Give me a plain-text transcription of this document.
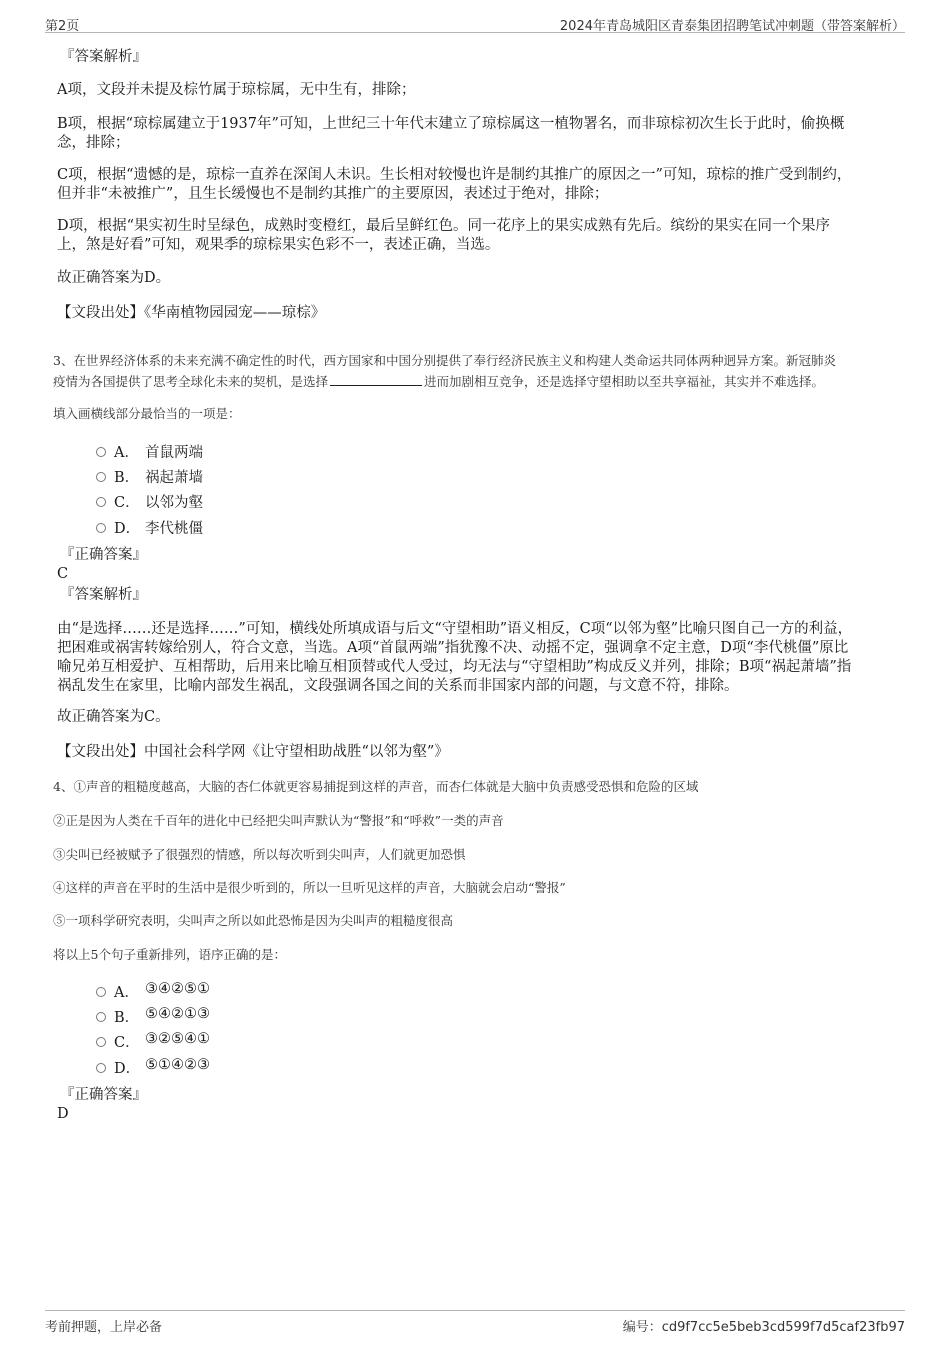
第2页	2024年青岛城阳区青泰集团招聘笔试冲刺题（带答案解析）
『答案解析』
A项，文段并未提及棕竹属于琼棕属，无中生有，排除；
B项，根据“琼棕属建立于1937年”可知，上世纪三十年代末建立了琼棕属这一植物署名，而非琼棕初次生长于此时，偷换概
念，排除；
C项，根据“遗憾的是，琼棕一直养在深闺人未识。生长相对较慢也许是制约其推广的原因之一”可知，琼棕的推广受到制约，
但并非“未被推广”，且生长缓慢也不是制约其推广的主要原因，表述过于绝对，排除；
D项，根据“果实初生时呈绿色，成熟时变橙红，最后呈鲜红色。同一花序上的果实成熟有先后。缤纷的果实在同一个果序
上，煞是好看”可知，观果季的琼棕果实色彩不一，表述正确，当选。
故正确答案为D。
【文段出处】《华南植物园园宠——琼棕》
3、在世界经济体系的未来充满不确定性的时代，西方国家和中国分别提供了奉行经济民族主义和构建人类命运共同体两种迥异方案。新冠肺炎
疫情为各国提供了思考全球化未来的契机，是选择	进而加剧相互竞争，还是选择守望相助以至共享福祉，其实并不难选择。
填入画横线部分最恰当的一项是：
A． 首鼠两端
B． 祸起萧墙
C． 以邻为壑
D． 李代桃僵
『正确答案』
C
『答案解析』
由“是选择……还是选择……”可知，横线处所填成语与后文“守望相助”语义相反，C项“以邻为壑”比喻只图自己一方的利益，
把困难或祸害转嫁给别人，符合文意，当选。A项“首鼠两端”指犹豫不决、动摇不定，强调拿不定主意，D项“李代桃僵”原比
喻兄弟互相爱护、互相帮助，后用来比喻互相顶替或代人受过，均无法与“守望相助”构成反义并列，排除；B项“祸起萧墙”指
祸乱发生在家里，比喻内部发生祸乱，文段强调各国之间的关系而非国家内部的问题，与文意不符，排除。
故正确答案为C。
【文段出处】中国社会科学网《让守望相助战胜“以邻为壑”》
4、①声音的粗糙度越高，大脑的杏仁体就更容易捕捉到这样的声音，而杏仁体就是大脑中负责感受恐惧和危险的区域
②正是因为人类在千百年的进化中已经把尖叫声默认为“警报”和“呼救”一类的声音
③尖叫已经被赋予了很强烈的情感，所以每次听到尖叫声，人们就更加恐惧
④这样的声音在平时的生活中是很少听到的，所以一旦听见这样的声音，大脑就会启动“警报”
⑤一项科学研究表明，尖叫声之所以如此恐怖是因为尖叫声的粗糙度很高
将以上5个句子重新排列，语序正确的是：
A． ③④②⑤①
B． ⑤④②①③
C． ③②⑤④①
D． ⑤①④②③
『正确答案』
D
考前押题，上岸必备	编号：cd9f7cc5e5beb3cd599f7d5caf23fb97
